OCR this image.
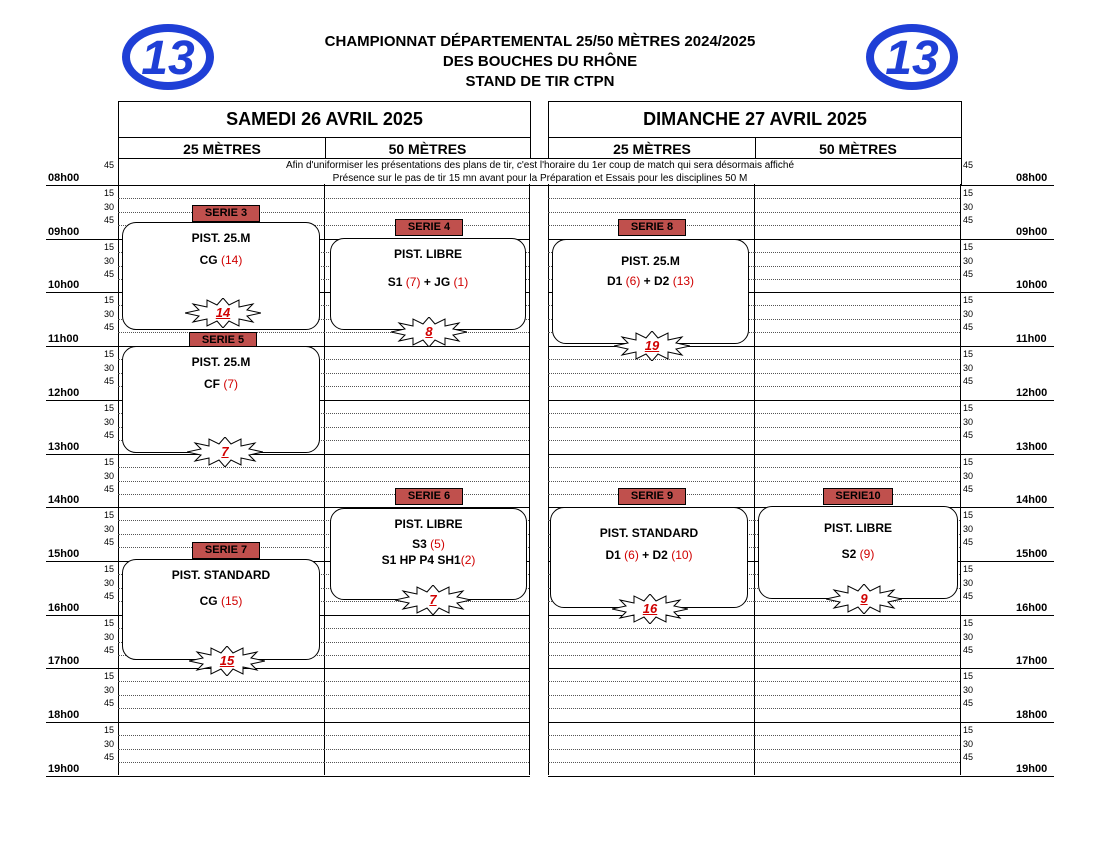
13	13
CHAMPIONNAT DÉPARTEMENTAL 25/50 MÈTRES 2024/2025
DES BOUCHES DU RHÔNE
STAND DE TIR CTPN
SAMEDI 26 AVRIL 2025
25 MÈTRES	50 MÈTRES
DIMANCHE 27 AVRIL 2025
25 MÈTRES	50 MÈTRES
Afin d'uniformiser les présentations des plans de tir, c'est l'horaire du 1er coup de match qui sera désormais affiché
Présence sur le pas de tir 15 mn avant pour la Préparation et Essais pour les disciplines 50 M
08h00	08h00
15	15
30	30
45	45
09h00	09h00
15	15
30	30
45	45
10h00	10h00
15	15
30	30
45	45
11h00	11h00
15	15
30	30
45	45
12h00	12h00
15	15
30	30
45	45
13h00	13h00
15	15
30	30
45	45
14h00	14h00
15	15
30	30
45	45
15h00	15h00
15	15
30	30
45	45
16h00	16h00
15	15
30	30
45	45
17h00	17h00
15	15
30	30
45	45
18h00	18h00
15	15
30	30
45	45
19h00	19h00
45	45
SERIE 3
PIST. 25.M
CG (14)
14
SERIE 4
PIST. LIBRE
S1 (7) + JG (1)
8
SERIE 8
PIST. 25.M
D1 (6) + D2 (13)
19
SERIE 5
PIST. 25.M
CF (7)
7
SERIE 6
PIST. LIBRE
S3 (5)
S1 HP P4 SH1(2)
7
SERIE 9
PIST. STANDARD
D1 (6) + D2 (10)
16
SERIE10
PIST. LIBRE
S2 (9)
9
SERIE 7
PIST. STANDARD
CG (15)
15
